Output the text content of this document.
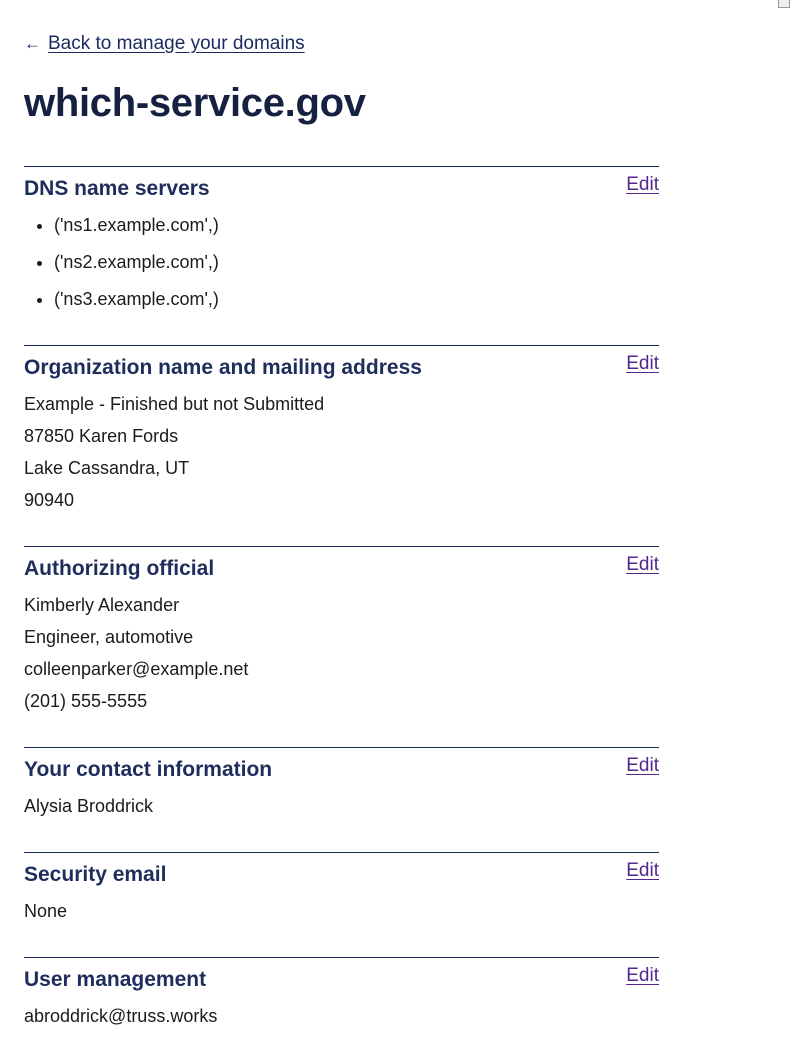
← Back to manage your domains
which-service.gov
DNS name servers	Edit
• ('ns1.example.com',)
• ('ns2.example.com',)
• ('ns3.example.com',)
Organization name and mailing address	Edit
Example - Finished but not Submitted
87850 Karen Fords
Lake Cassandra, UT
90940
Authorizing official	Edit
Kimberly Alexander
Engineer, automotive
colleenparker@example.net
(201) 555-5555
Your contact information	Edit
Alysia Broddrick
Security email	Edit
None
User management	Edit
abroddrick@truss.works
